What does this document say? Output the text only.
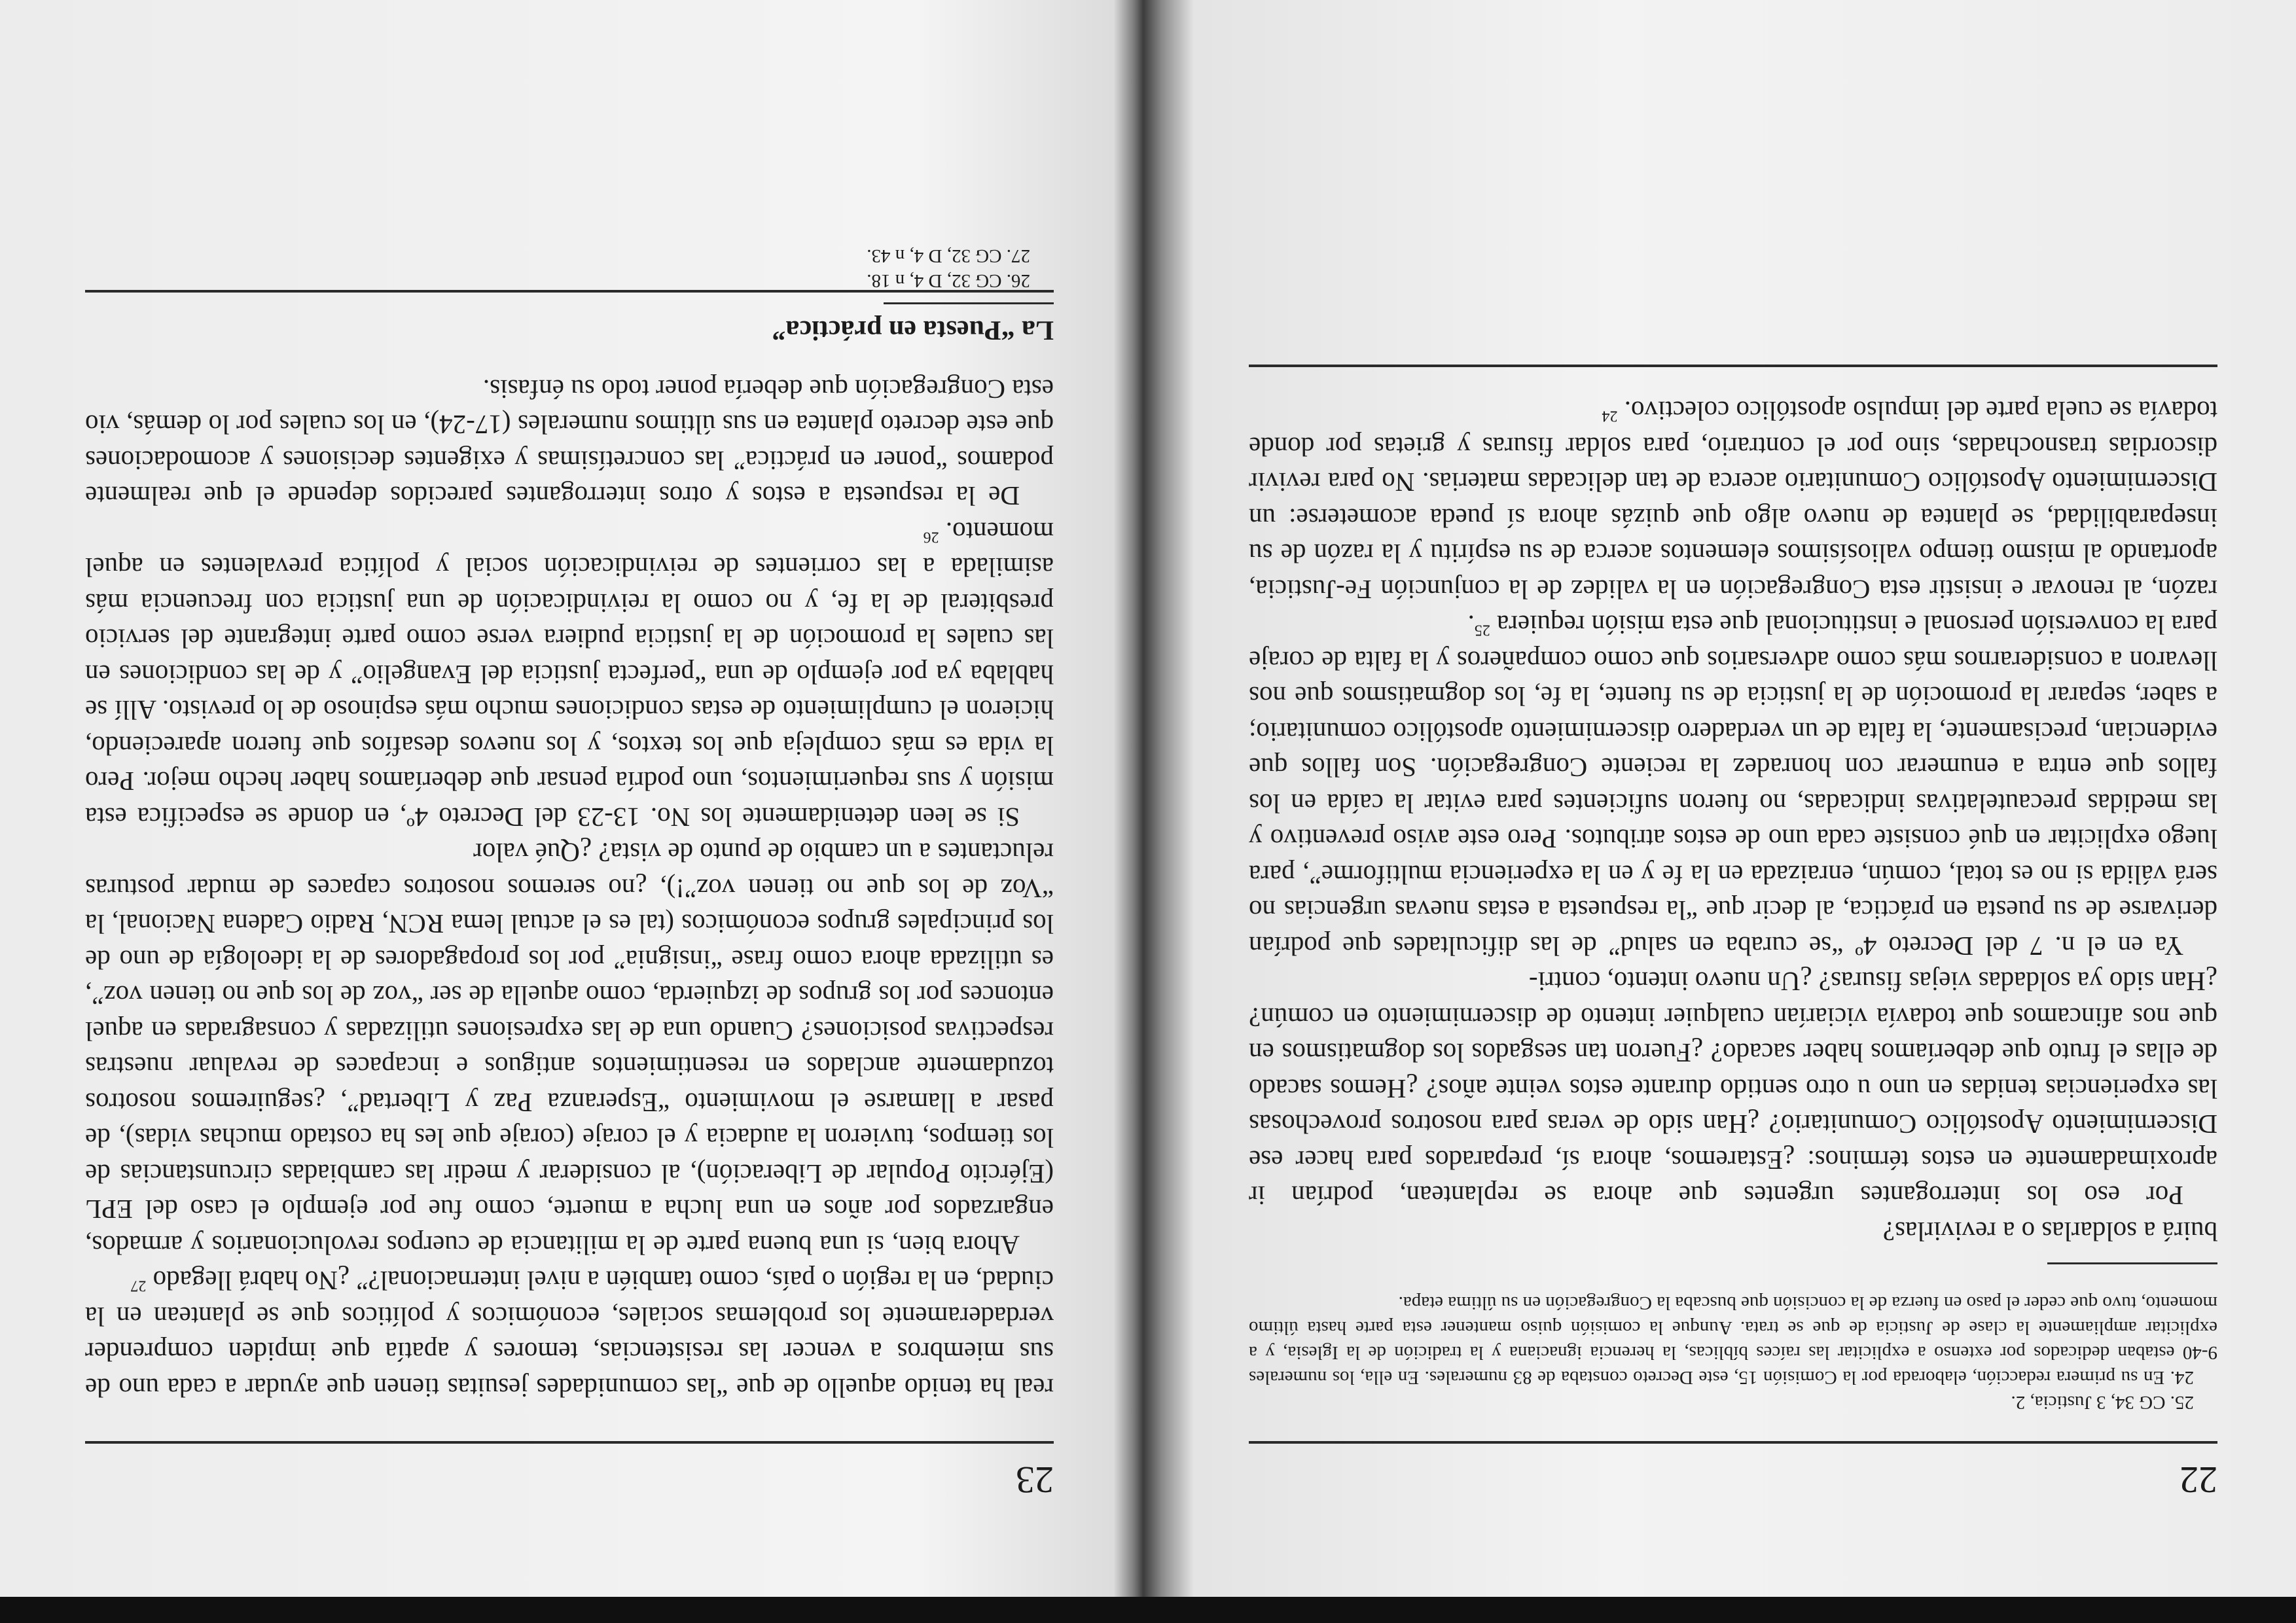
23

real ha tenido aquello de que “las comunidades jesuitas tienen que ayudar a cada uno de sus miembros a vencer las resistencias, temores y apatía que impiden comprender verdaderamente los problemas sociales, económicos y políticos que se plantean en la ciudad, en la región o país, como también a nivel internacional?” ¿No habrá llegado $^{27}$

Ahora bien, si una buena parte de la militancia de cuerpos revolucionarios y armados, engarzados por años en una lucha a muerte, como fue por ejemplo el caso del EPL (Ejército Popular de Liberación), al considerar y medir las cambiadas circunstancias de los tiempos, tuvieron la audacia y el coraje (coraje que les ha costado muchas vidas), de pasar a llamarse el movimiento “Esperanza Paz y Libertad”, ¿seguiremos nosotros tozudamente anclados en resentimientos antiguos e incapaces de revaluar nuestras respectivas posiciones? Cuando una de las expresiones utilizadas y consagradas en aquel entonces por los grupos de izquierda, como aquella de ser “voz de los que no tienen voz”, es utilizada ahora como frase “insignia” por los propagadores de la ideología de uno de los principales grupos económicos (tal es el actual lema RCN, Radio Cadena Nacional, la “Voz de los que no tienen voz”!), ¿no seremos nosotros capaces de mudar posturas reluctantes a un cambio de punto de vista? ¿Qué valor

Si se leen detenidamente los No. 13-23 del Decreto 4º, en donde se especifica esta misión y sus requerimientos, uno podría pensar que deberíamos haber hecho mejor. Pero la vida es más compleja que los textos, y los nuevos desafíos que fueron apareciendo, hicieron el cumplimiento de estas condiciones mucho más espinoso de lo previsto. Allí se hablaba ya por ejemplo de una “perfecta justicia del Evangelio” y de las condiciones en las cuales la promoción de la justicia pudiera verse como parte integrante del servicio presbiteral de la fe, y no como la reivindicación de una justicia con frecuencia más asimilada a las corrientes de reivindicación social y política prevalentes en aquel momento. $^{26}$

De la respuesta a estos y otros interrogantes parecidos depende el que realmente podamos “poner en práctica” las concretísimas y exigentes decisiones y acomodaciones que este decreto plantea en sus últimos numerales (17-24), en los cuales por lo demás, vio esta Congregación que debería poner todo su énfasis.

La “Puesta en práctica”
22

25. CG 34, 3 Justicia, 2.

24. En su primera redacción, elaborada por la Comisión 15, este Decreto constaba de 83 numerales. En ella, los numerales 9-40 estaban dedicados por extenso a explicitar las raíces bíblicas, la herencia ignaciana y la tradición de la Iglesia, y a explicitar ampliamente la clase de Justicia de que se trata. Aunque la comisión quiso mantener esta parte hasta último momento, tuvo que ceder el paso en fuerza de la concisión que buscaba la Congregación en su última etapa.

buirá a soldarlas o a revivirlas?

Por eso los interrogantes urgentes que ahora se replantean, podrían ir aproximadamente en estos términos: ¿Estaremos, ahora sí, preparados para hacer ese Discernimiento Apostólico Comunitario? ¿Han sido de veras para nosotros provechosas las experiencias tenidas en uno u otro sentido durante estos veinte años? ¿Hemos sacado de ellas el fruto que deberíamos haber sacado? ¿Fueron tan sesgados los dogmatismos en que nos afincamos que todavía viciarían cualquier intento de discernimiento en común? ¿Han sido ya soldadas viejas fisuras? ¿Un nuevo intento, contri-

Ya en el n. 7 del Decreto 4º “se curaba en salud” de las dificultades que podrían derivarse de su puesta en práctica, al decir que “la respuesta a estas nuevas urgencias no será válida si no es total, común, enraizada en la fe y en la experiencia multiforme”, para luego explicitar en qué consiste cada uno de estos atributos. Pero este aviso preventivo y las medidas precautelativas indicadas, no fueron suficientes para evitar la caída en los fallos que entra a enumerar con honradez la reciente Congregación. Son fallos que evidencian, precisamente, la falta de un verdadero discernimiento apostólico comunitario; a saber, separar la promoción de la justicia de su fuente, la fe, los dogmatismos que nos llevaron a considerarnos más como adversarios que como compañeros y la falta de coraje para la conversión personal e institucional que esta misión requiera $^{25}$.

razón, al renovar e insistir esta Congregación en la validez de la conjunción Fe-Justicia, aportando al mismo tiempo valiosísimos elementos acerca de su espíritu y la razón de su inseparabilidad, se plantea de nuevo algo que quizás ahora sí pueda acometerse: un Discernimiento Apostólico Comunitario acerca de tan delicadas materias. No para revivir discordias trasnochadas, sino por el contrario, para soldar fisuras y grietas por donde todavía se cuela parte del impulso apostólico colectivo. $^{24}$

26. CG 32, D 4, n 18.

27. CG 32, D 4, n 43.
